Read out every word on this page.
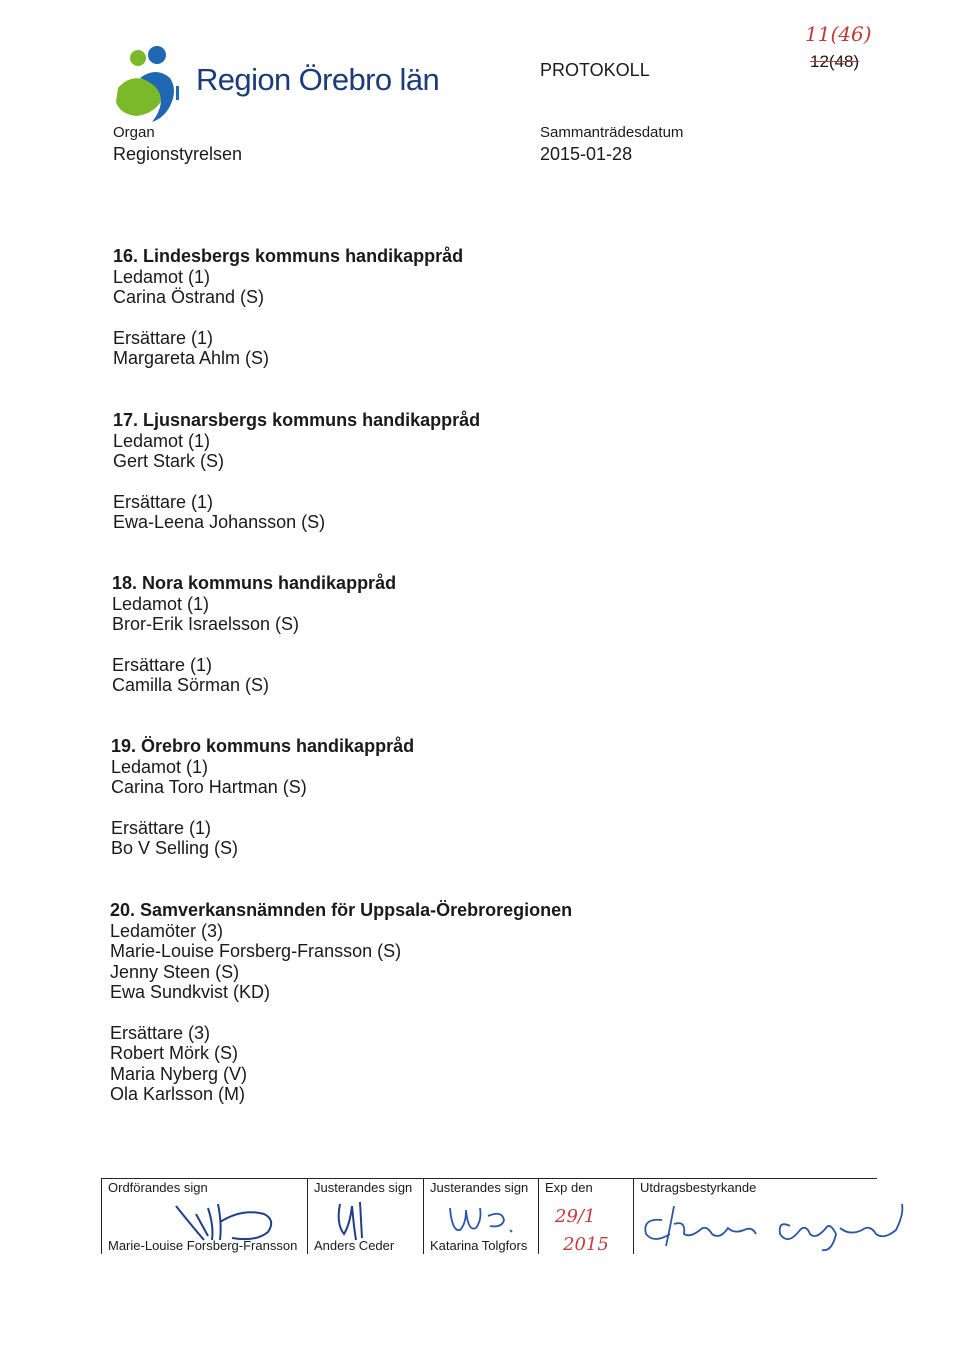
Region Örebro län	PROTOKOLL
11(46)
12(48)
Organ
Regionstyrelsen
Sammanträdesdatum
2015-01-28
16. Lindesbergs kommuns handikappråd
Ledamot (1)
Carina Östrand (S)
Ersättare (1)
Margareta Ahlm (S)
17. Ljusnarsbergs kommuns handikappråd
Ledamot (1)
Gert Stark (S)
Ersättare (1)
Ewa-Leena Johansson (S)
18. Nora kommuns handikappråd
Ledamot (1)
Bror-Erik Israelsson (S)
Ersättare (1)
Camilla Sörman (S)
19. Örebro kommuns handikappråd
Ledamot (1)
Carina Toro Hartman (S)
Ersättare (1)
Bo V Selling (S)
20. Samverkansnämnden för Uppsala-Örebroregionen
Ledamöter (3)
Marie-Louise Forsberg-Fransson (S)
Jenny Steen (S)
Ewa Sundkvist (KD)
Ersättare (3)
Robert Mörk (S)
Maria Nyberg (V)
Ola Karlsson (M)
Ordförandes sign
Marie-Louise Forsberg-Fransson
Justerandes sign
Anders Ceder
Justerandes sign
Katarina Tolgfors
Exp den
29/1
2015
Utdragsbestyrkande
